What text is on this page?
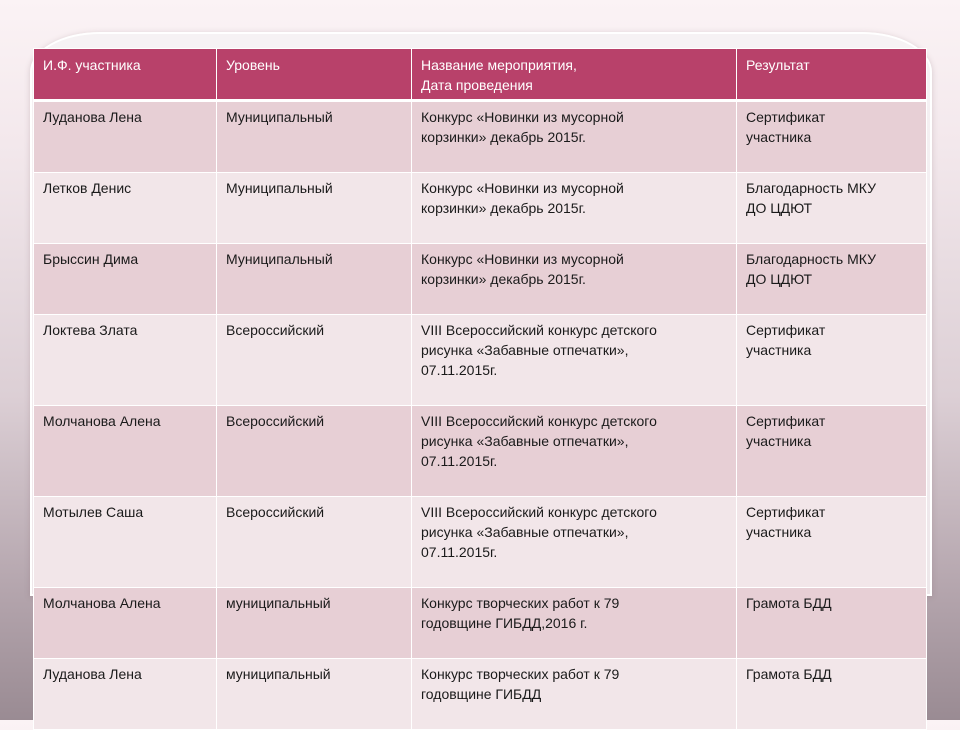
И.Ф. участника	Уровень	Название мероприятия,
Дата проведения	Результат
Луданова Лена	Муниципальный	Конкурс «Новинки из мусорной
корзинки» декабрь 2015г.	Сертификат
участника

Летков Денис	Муниципальный	Конкурс «Новинки из мусорной
корзинки» декабрь 2015г.	Благодарность МКУ
ДО ЦДЮТ

Брыссин Дима	Муниципальный	Конкурс «Новинки из мусорной
корзинки» декабрь 2015г.	Благодарность МКУ
ДО ЦДЮТ

Локтева Злата	Всероссийский	VIII Всероссийский конкурс детского
рисунка «Забавные отпечатки»,
07.11.2015г.	Сертификат
участника

Молчанова Алена	Всероссийский	VIII Всероссийский конкурс детского
рисунка «Забавные отпечатки»,
07.11.2015г.	Сертификат
участника

Мотылев Саша	Всероссийский	VIII Всероссийский конкурс детского
рисунка «Забавные отпечатки»,
07.11.2015г.	Сертификат
участника

Молчанова Алена	муниципальный	Конкурс творческих работ к 79
годовщине ГИБДД,2016 г.	Грамота БДД

Луданова Лена	муниципальный	Конкурс творческих работ к 79
годовщине ГИБДД	Грамота БДД
